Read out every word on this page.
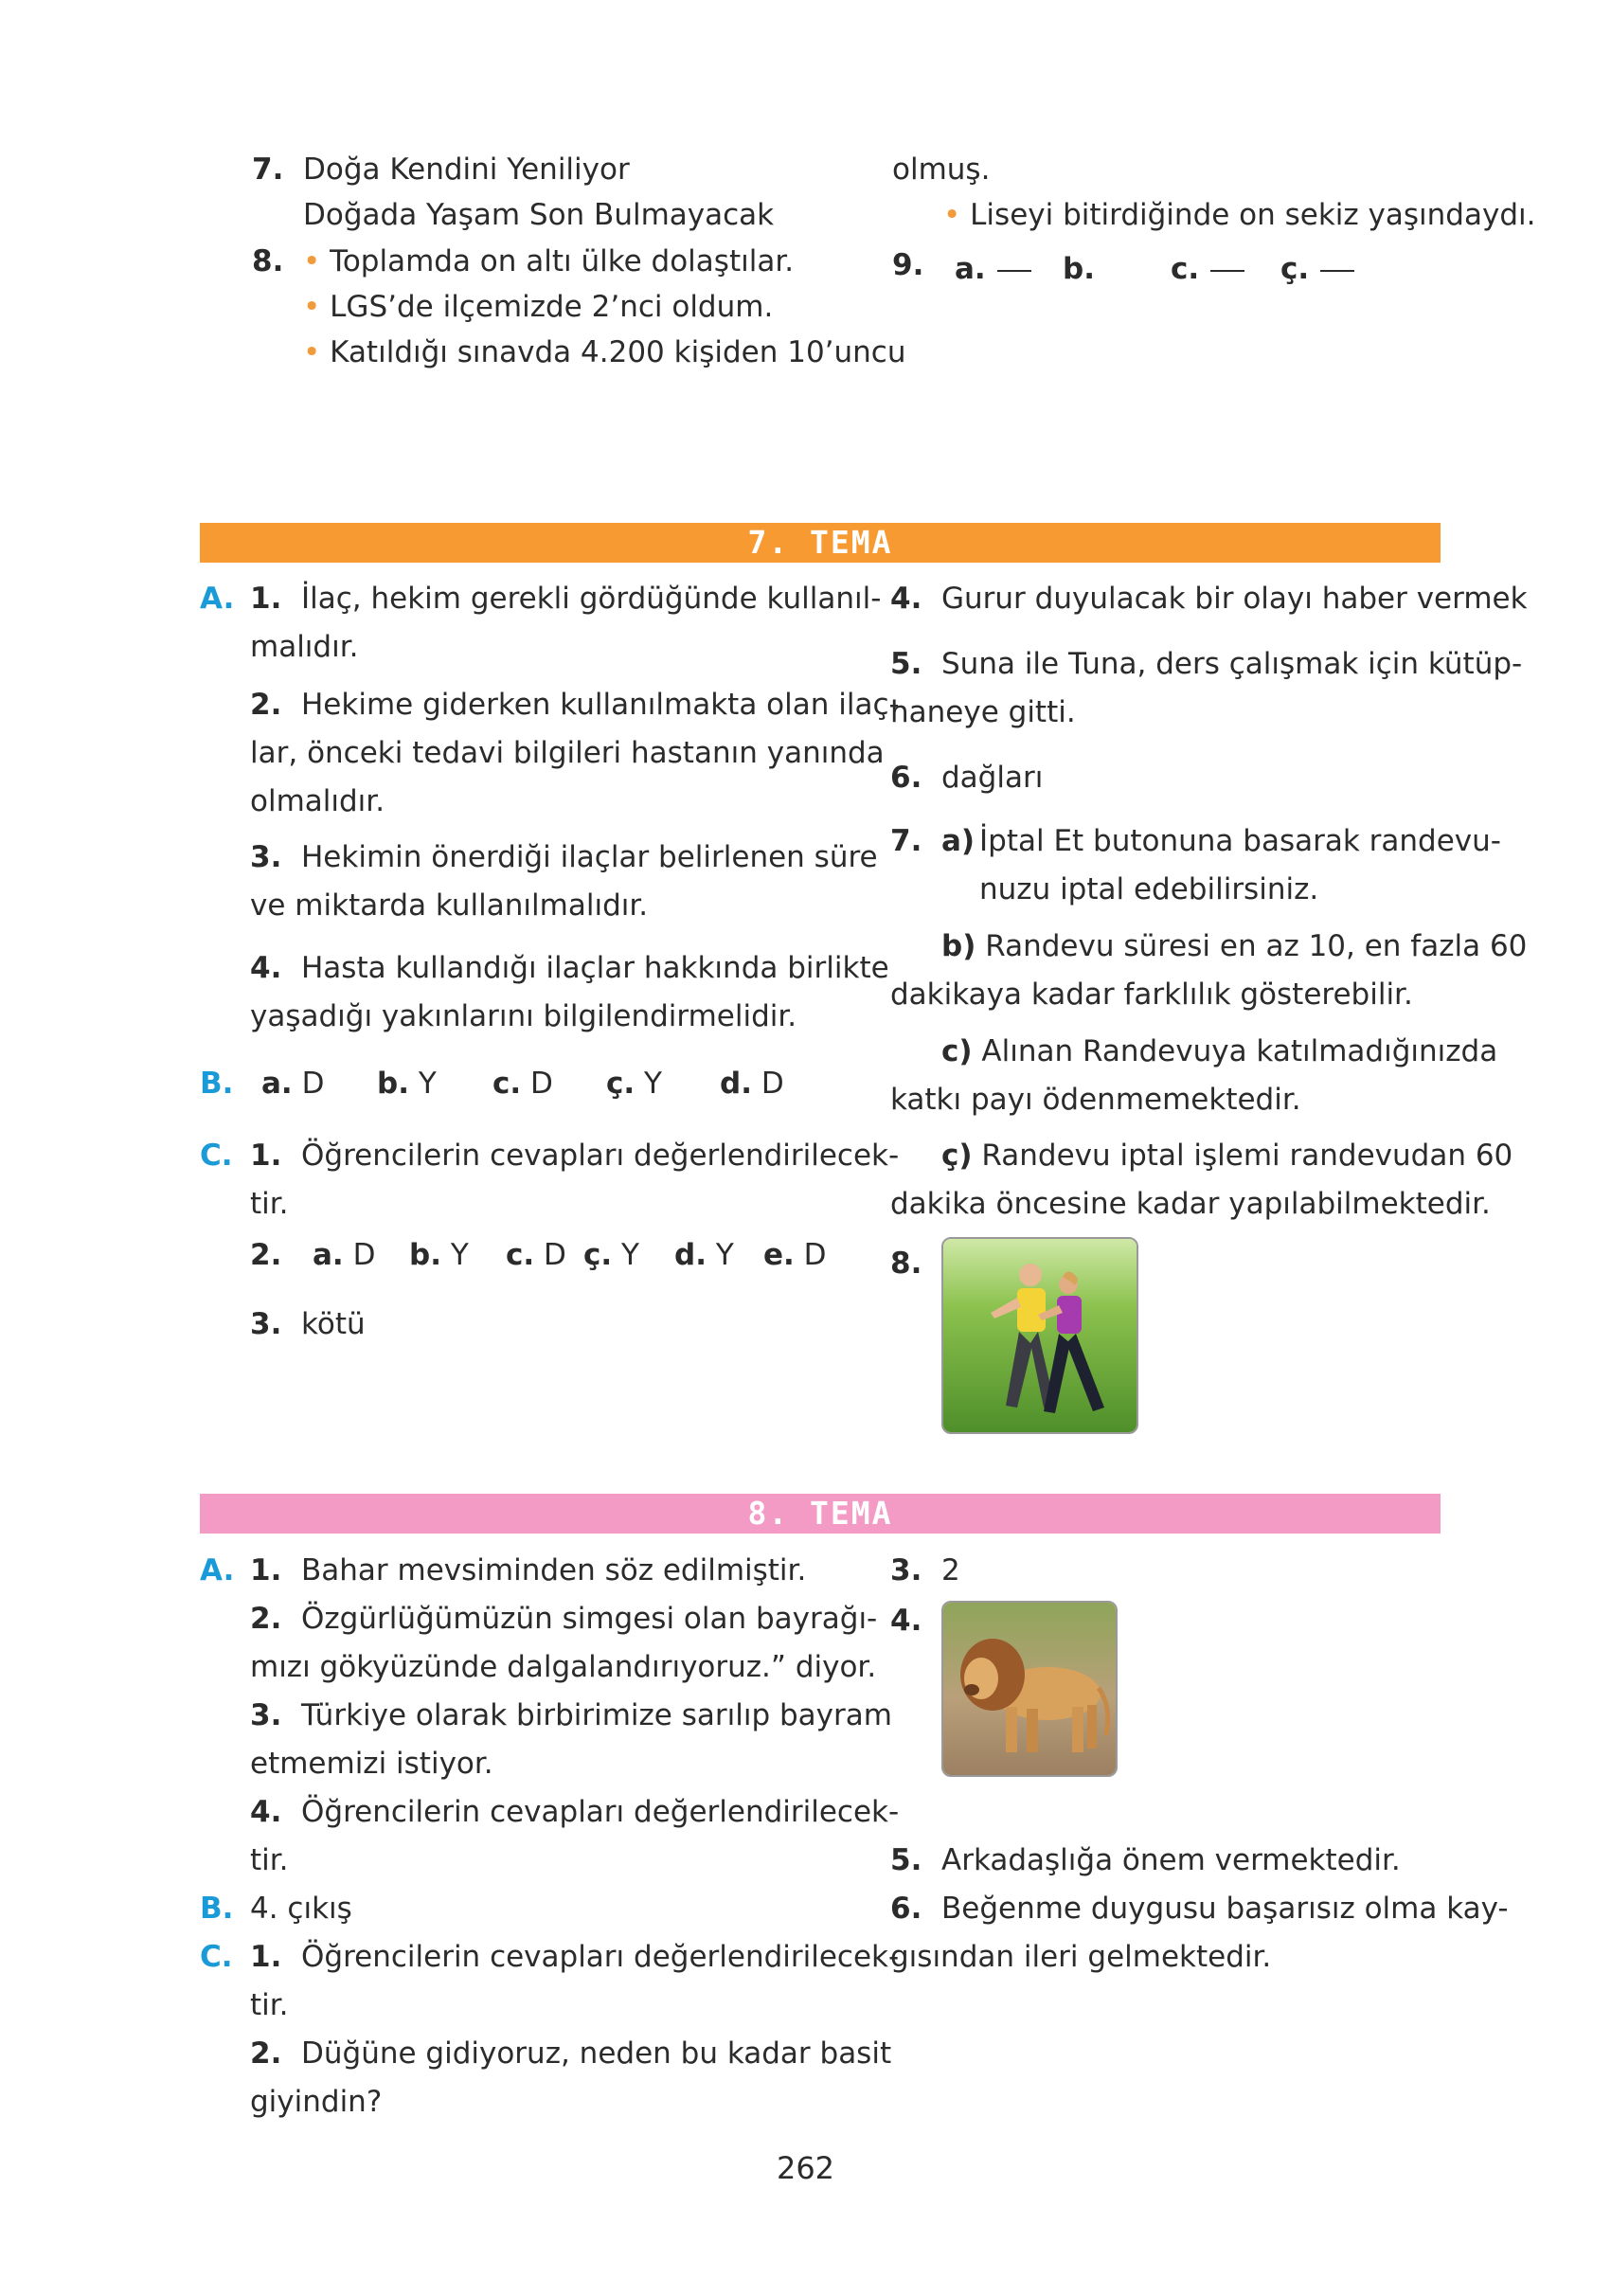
7. Doğa Kendini Yeniliyor
Doğada Yaşam Son Bulmayacak
8. • Toplamda on altı ülke dolaştılar.
• LGS’de ilçemizde 2’nci oldum.
• Katıldığı sınavda 4.200 kişiden 10’uncu
olmuş.
• Liseyi bitirdiğinde on sekiz yaşındaydı.
9. a.	b.	c.	ç.
7. TEMA
A. 1. İlaç, hekim gerekli gördüğünde kullanıl-
malıdır.
2. Hekime giderken kullanılmakta olan ilaç-
lar, önceki tedavi bilgileri hastanın yanında
olmalıdır.
3. Hekimin önerdiği ilaçlar belirlenen süre
ve miktarda kullanılmalıdır.
4. Hasta kullandığı ilaçlar hakkında birlikte
yaşadığı yakınlarını bilgilendirmelidir.
B. a. D b. Y c. D ç. Y d. D
C. 1. Öğrencilerin cevapları değerlendirilecek-
tir.
2. a. D b. Y c. D ç. Y d. Y e. D
3. kötü
4. Gurur duyulacak bir olayı haber vermek
5. Suna ile Tuna, ders çalışmak için kütüp-
haneye gitti.
6. dağları
7. a) İptal Et butonuna basarak randevu-
nuzu iptal edebilirsiniz.
b) Randevu süresi en az 10, en fazla 60
dakikaya kadar farklılık gösterebilir.
c) Alınan Randevuya katılmadığınızda
katkı payı ödenmemektedir.
ç) Randevu iptal işlemi randevudan 60
dakika öncesine kadar yapılabilmektedir.
8.
8. TEMA
A. 1. Bahar mevsiminden söz edilmiştir.
2. Özgürlüğümüzün simgesi olan bayrağı-
mızı gökyüzünde dalgalandırıyoruz.” diyor.
3. Türkiye olarak birbirimize sarılıp bayram
etmemizi istiyor.
4. Öğrencilerin cevapları değerlendirilecek-
tir.
B. 4. çıkış
C. 1. Öğrencilerin cevapları değerlendirilecek-
tir.
2. Düğüne gidiyoruz, neden bu kadar basit
giyindin?
3. 2
4.
5. Arkadaşlığa önem vermektedir.
6. Beğenme duygusu başarısız olma kay-
gısından ileri gelmektedir.
262
